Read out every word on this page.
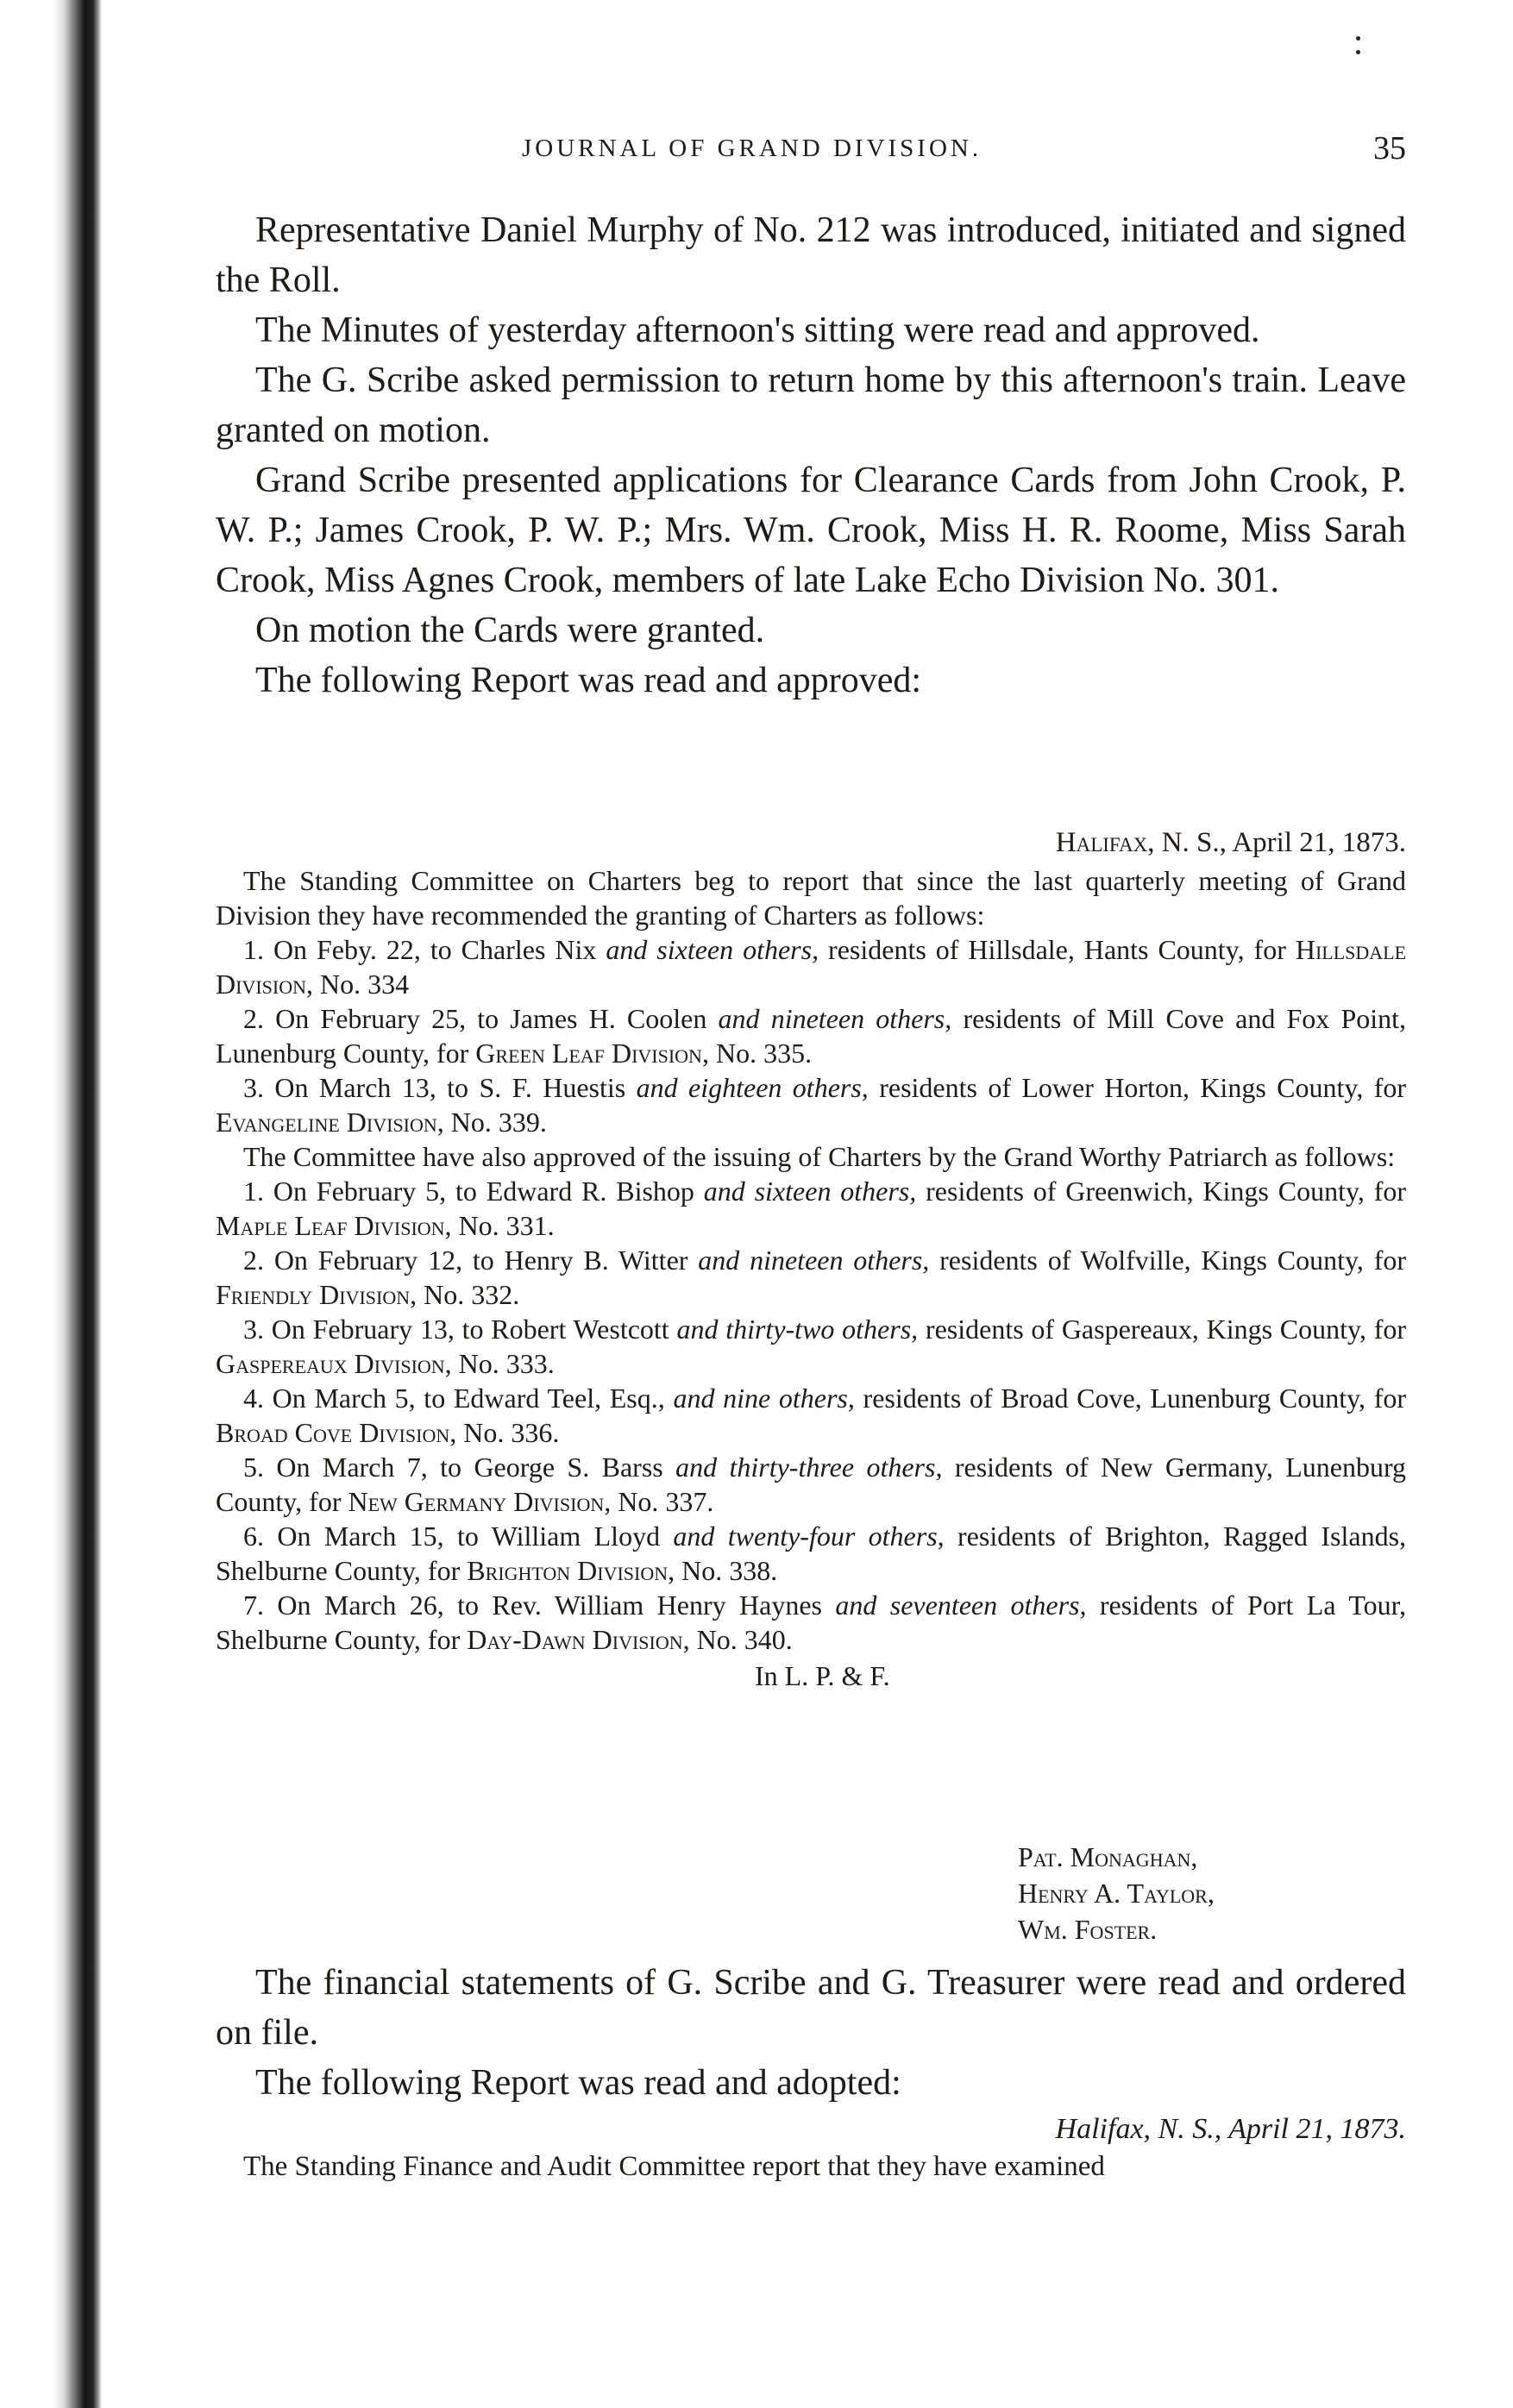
JOURNAL OF GRAND DIVISION.	35

Representative Daniel Murphy of No. 212 was introduced, initiated and signed the Roll.

The Minutes of yesterday afternoon's sitting were read and approved.

The G. Scribe asked permission to return home by this afternoon's train. Leave granted on motion.

Grand Scribe presented applications for Clearance Cards from John Crook, P. W. P.; James Crook, P. W. P.; Mrs. Wm. Crook, Miss H. R. Roome, Miss Sarah Crook, Miss Agnes Crook, members of late Lake Echo Division No. 301.

On motion the Cards were granted.

The following Report was read and approved:

Halifax, N. S., April 21, 1873.

The Standing Committee on Charters beg to report that since the last quarterly meeting of Grand Division they have recommended the granting of Charters as follows:

1. On Feby. 22, to Charles Nix and sixteen others, residents of Hillsdale, Hants County, for Hillsdale Division, No. 334

2. On February 25, to James H. Coolen and nineteen others, residents of Mill Cove and Fox Point, Lunenburg County, for Green Leaf Division, No. 335.

3. On March 13, to S. F. Huestis and eighteen others, residents of Lower Horton, Kings County, for Evangeline Division, No. 339.

The Committee have also approved of the issuing of Charters by the Grand Worthy Patriarch as follows:

1. On February 5, to Edward R. Bishop and sixteen others, residents of Greenwich, Kings County, for Maple Leaf Division, No. 331.

2. On February 12, to Henry B. Witter and nineteen others, residents of Wolfville, Kings County, for Friendly Division, No. 332.

3. On February 13, to Robert Westcott and thirty-two others, residents of Gaspereaux, Kings County, for Gaspereaux Division, No. 333.

4. On March 5, to Edward Teel, Esq., and nine others, residents of Broad Cove, Lunenburg County, for Broad Cove Division, No. 336.

5. On March 7, to George S. Barss and thirty-three others, residents of New Germany, Lunenburg County, for New Germany Division, No. 337.

6. On March 15, to William Lloyd and twenty-four others, residents of Brighton, Ragged Islands, Shelburne County, for Brighton Division, No. 338.

7. On March 26, to Rev. William Henry Haynes and seventeen others, residents of Port La Tour, Shelburne County, for Day-Dawn Division, No. 340.

In L. P. & F.

Pat. Monaghan,
Henry A. Taylor,
Wm. Foster.

The financial statements of G. Scribe and G. Treasurer were read and ordered on file.

The following Report was read and adopted:

Halifax, N. S., April 21, 1873.

The Standing Finance and Audit Committee report that they have examined
